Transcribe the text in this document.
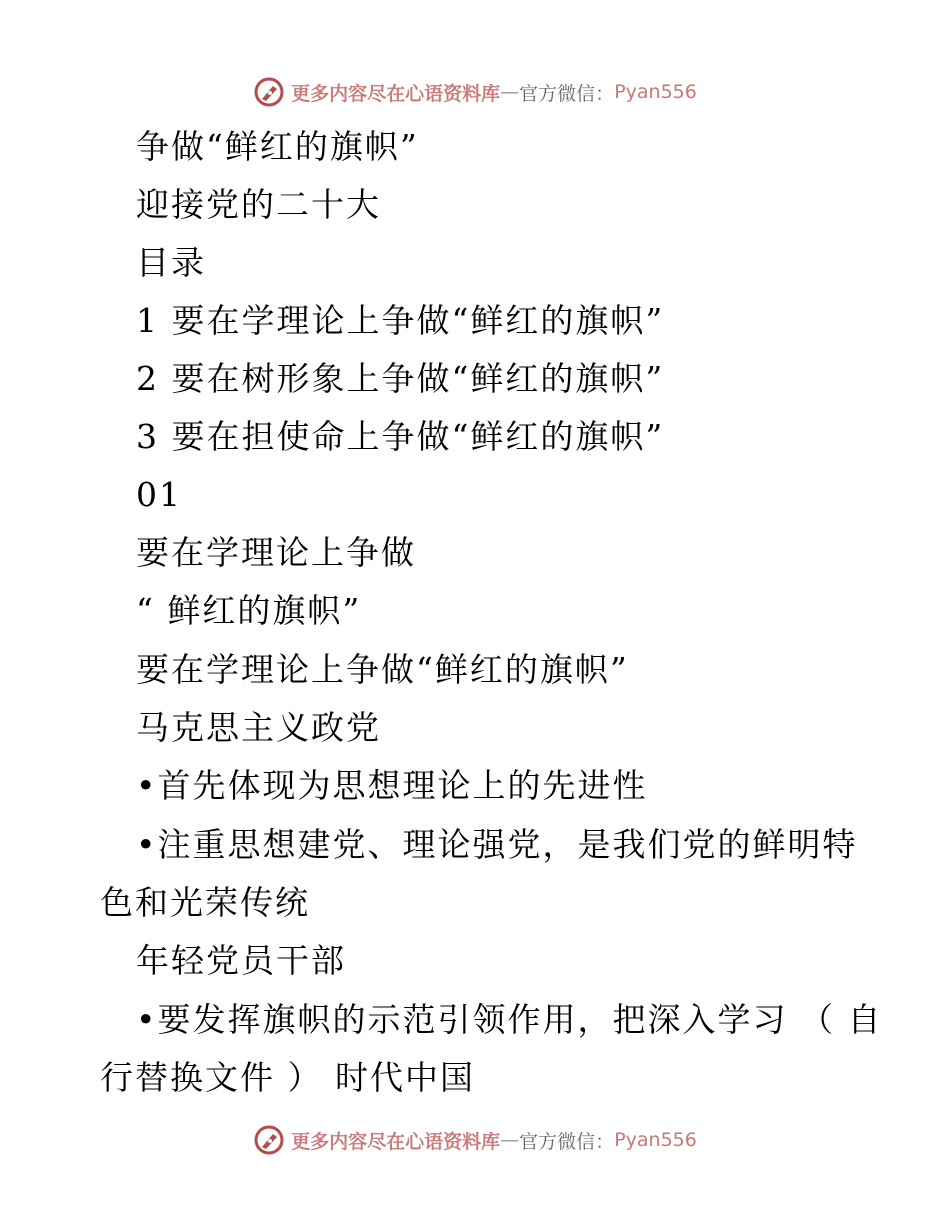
更多内容尽在心语资料库 — 官方微信： Pyan556
争做“鲜红的旗帜”
迎接党的二十大
目录
1 要在学理论上争做“鲜红的旗帜”
2 要在树形象上争做“鲜红的旗帜”
3 要在担使命上争做“鲜红的旗帜”
01
要在学理论上争做
“ 鲜红的旗帜”
要在学理论上争做“鲜红的旗帜”
马克思主义政党
•首先体现为思想理论上的先进性
•注重思想建党、理论强党，是我们党的鲜明特
色和光荣传统
年轻党员干部
•要发挥旗帜的示范引领作用，把深入学习 （ 自
行替换文件 ） 时代中国
更多内容尽在心语资料库 — 官方微信： Pyan556
